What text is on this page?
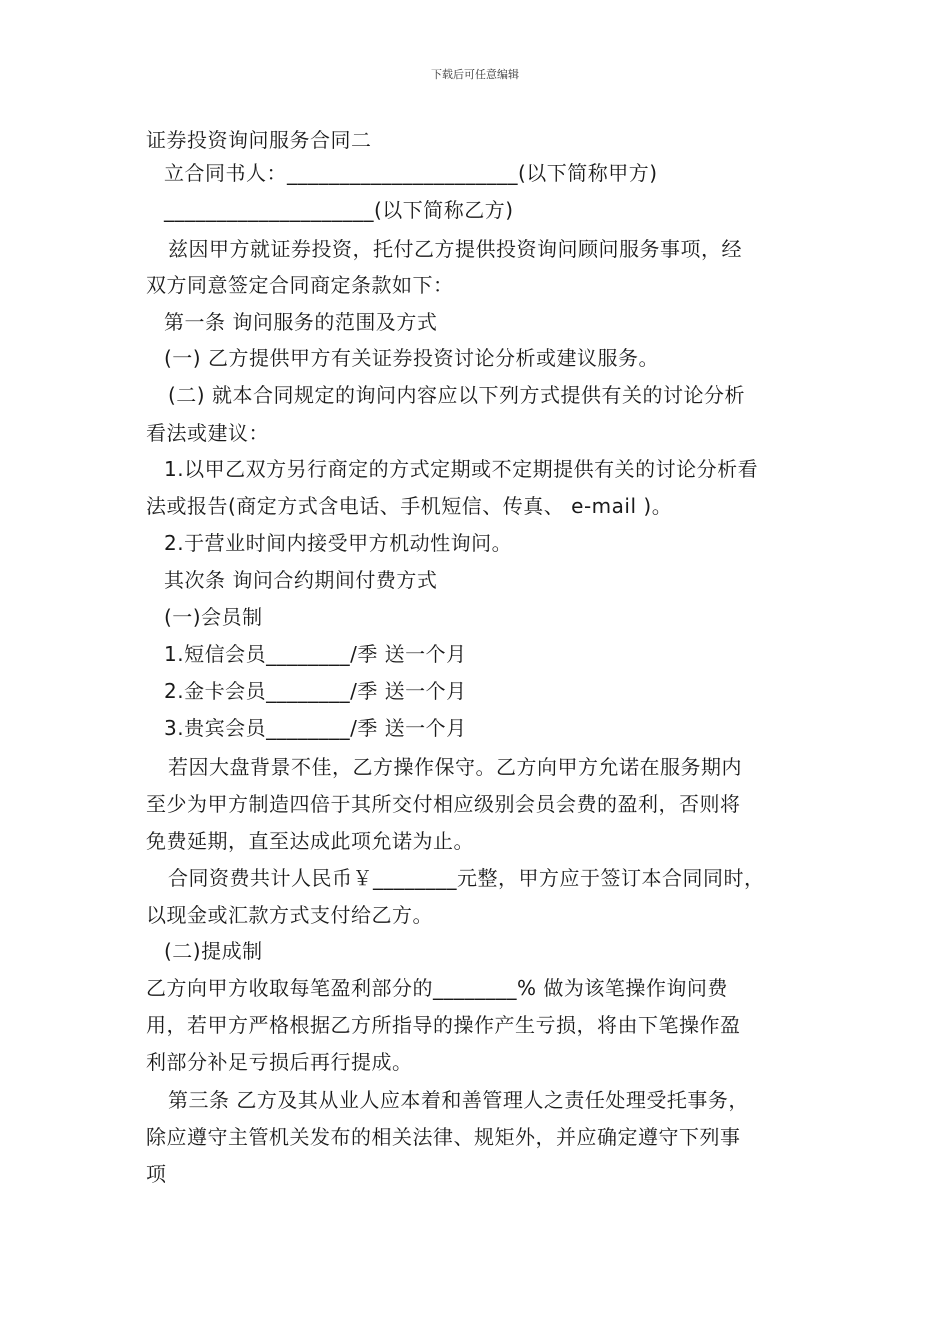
下载后可任意编辑
证券投资询问服务合同二
立合同书人：______________________(以下简称甲方)
____________________(以下简称乙方)
兹因甲方就证券投资，托付乙方提供投资询问顾问服务事项，经
双方同意签定合同商定条款如下：
第一条 询问服务的范围及方式
(一) 乙方提供甲方有关证券投资讨论分析或建议服务。
(二) 就本合同规定的询问内容应以下列方式提供有关的讨论分析
看法或建议：
1.以甲乙双方另行商定的方式定期或不定期提供有关的讨论分析看
法或报告(商定方式含电话、手机短信、传真、 e-mail )。
2.于营业时间内接受甲方机动性询问。
其次条 询问合约期间付费方式
(一)会员制
1.短信会员________/季 送一个月
2.金卡会员________/季 送一个月
3.贵宾会员________/季 送一个月
若因大盘背景不佳，乙方操作保守。乙方向甲方允诺在服务期内
至少为甲方制造四倍于其所交付相应级别会员会费的盈利，否则将
免费延期，直至达成此项允诺为止。
合同资费共计人民币￥________元整，甲方应于签订本合同同时，
以现金或汇款方式支付给乙方。
(二)提成制
乙方向甲方收取每笔盈利部分的________% 做为该笔操作询问费
用，若甲方严格根据乙方所指导的操作产生亏损，将由下笔操作盈
利部分补足亏损后再行提成。
第三条 乙方及其从业人应本着和善管理人之责任处理受托事务，
除应遵守主管机关发布的相关法律、规矩外，并应确定遵守下列事
项
